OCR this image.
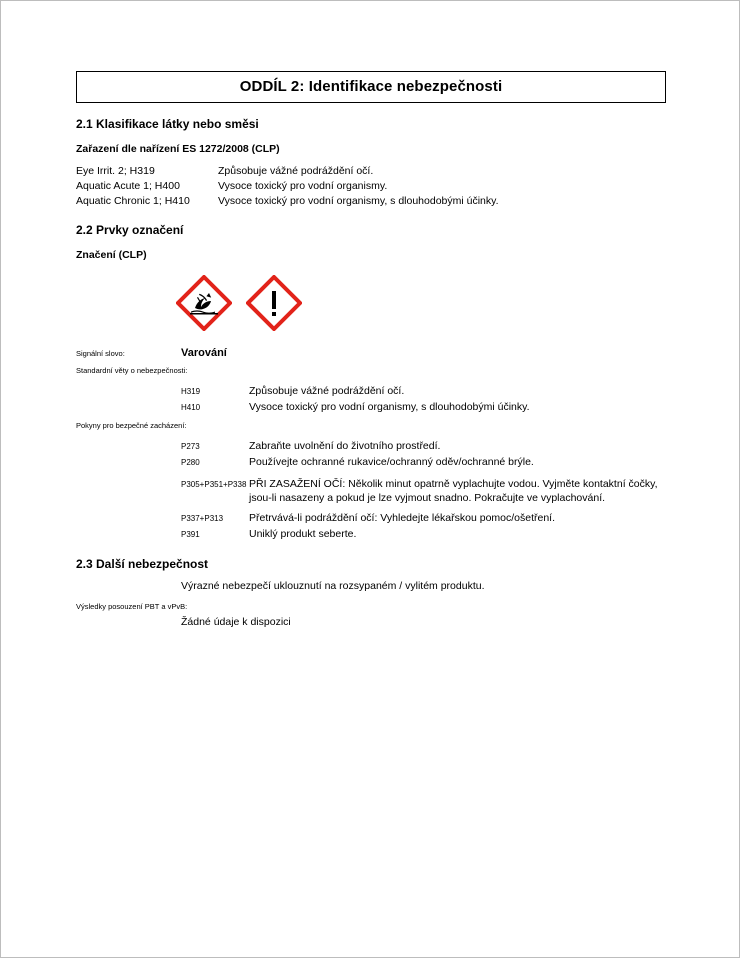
ODDÍL 2: Identifikace nebezpečnosti
2.1 Klasifikace látky nebo směsi
Zařazení dle nařízení ES 1272/2008 (CLP)
Eye Irrit. 2; H319	Způsobuje vážné podráždění očí.
Aquatic Acute 1; H400	Vysoce toxický pro vodní organismy.
Aquatic Chronic 1; H410	Vysoce toxický pro vodní organismy, s dlouhodobými účinky.
2.2 Prvky označení
Značení (CLP)
Signální slovo:	Varování
Standardní věty o nebezpečnosti:
H319	Způsobuje vážné podráždění očí.
H410	Vysoce toxický pro vodní organismy, s dlouhodobými účinky.
Pokyny pro bezpečné zacházení:
P273	Zabraňte uvolnění do životního prostředí.
P280	Používejte ochranné rukavice/ochranný oděv/ochranné brýle.
P305+P351+P338 PŘI ZASAŽENÍ OČÍ: Několik minut opatrně vyplachujte vodou. Vyjměte kontaktní čočky, jsou-li nasazeny a pokud je lze vyjmout snadno. Pokračujte ve vyplachování.
P337+P313	Přetrvává-li podráždění očí: Vyhledejte lékařskou pomoc/ošetření.
P391	Uniklý produkt seberte.
2.3 Další nebezpečnost
Výrazné nebezpečí uklouznutí na rozsypaném / vylitém produktu.
Výsledky posouzení PBT a vPvB:
Žádné údaje k dispozici
